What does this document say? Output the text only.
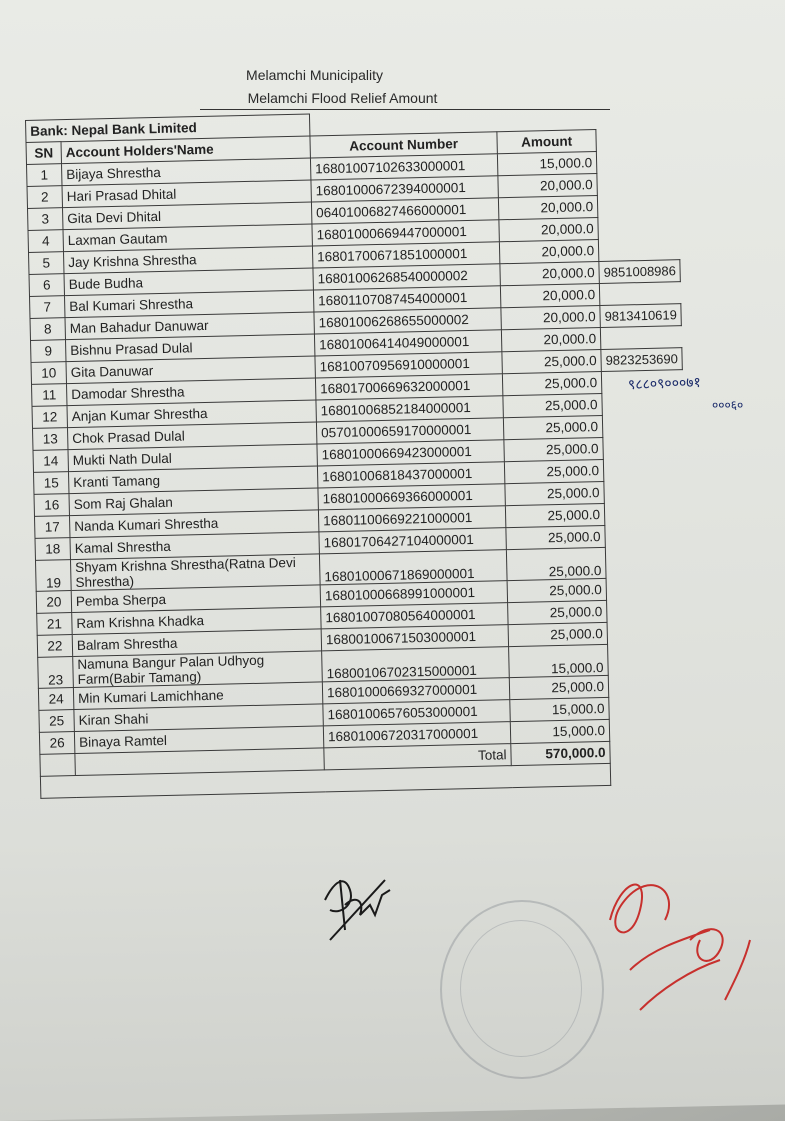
Melamchi Municipality
Melamchi Flood Relief Amount
Bank: Nepal Bank Limited				
SN	Account Holders'Name	Account Number	Amount	
1	Bijaya Shrestha	16801007102633000001	15,000.0	
2	Hari Prasad Dhital	16801000672394000001	20,000.0	
3	Gita Devi Dhital	06401006827466000001	20,000.0	
4	Laxman Gautam	16801000669447000001	20,000.0	
5	Jay Krishna Shrestha	16801700671851000001	20,000.0	
6	Bude Budha	16801006268540000002	20,000.0	9851008986
7	Bal Kumari Shrestha	16801107087454000001	20,000.0	
8	Man Bahadur Danuwar	16801006268655000002	20,000.0	9813410619
9	Bishnu Prasad Dulal	16801006414049000001	20,000.0	
10	Gita Danuwar	16810070956910000001	25,000.0	9823253690
11	Damodar Shrestha	16801700669632000001	25,000.0	
12	Anjan Kumar Shrestha	16801006852184000001	25,000.0	
13	Chok Prasad Dulal	05701000659170000001	25,000.0	
14	Mukti Nath Dulal	16801000669423000001	25,000.0	
15	Kranti Tamang	16801006818437000001	25,000.0	
16	Som Raj Ghalan	16801000669366000001	25,000.0	
17	Nanda Kumari Shrestha	16801100669221000001	25,000.0	
18	Kamal Shrestha	16801706427104000001	25,000.0	
19	Shyam Krishna Shrestha(Ratna Devi Shrestha)	16801000671869000001	25,000.0	
20	Pemba Sherpa	16801000668991000001	25,000.0	
21	Ram Krishna Khadka	16801007080564000001	25,000.0	
22	Balram Shrestha	16800100671503000001	25,000.0	
23	Namuna Bangur Palan Udhyog Farm(Babir Tamang)	16800106702315000001	15,000.0	
24	Min Kumari Lamichhane	16801000669327000001	25,000.0	
25	Kiran Shahi	16801006576053000001	15,000.0	
26	Binaya Ramtel	16801006720317000001	15,000.0	
		Total	570,000.0	

९८८०९०००७१
०००६०
